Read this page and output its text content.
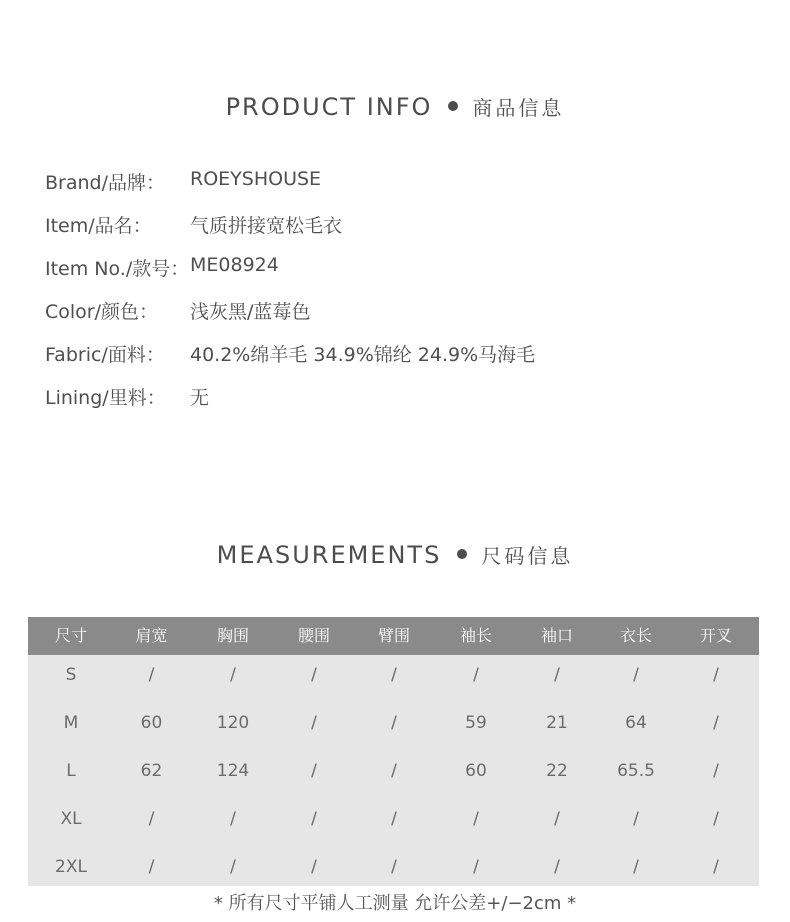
PRODUCT INFO 商品信息
Brand/品牌： ROEYSHOUSE
Item/品名： 气质拼接宽松毛衣
Item No./款号： ME08924
Color/颜色： 浅灰黑/蓝莓色
Fabric/面料： 40.2%绵羊毛 34.9%锦纶 24.9%马海毛
Lining/里料： 无
MEASUREMENTS 尺码信息
尺寸	肩宽	胸围	腰围	臂围	袖长	袖口	衣长	开叉
S	/	/	/	/	/	/	/	/
M	60	120	/	/	59	21	64	/
L	62	124	/	/	60	22	65.5	/
XL	/	/	/	/	/	/	/	/
2XL	/	/	/	/	/	/	/	/
* 所有尺寸平铺人工测量 允许公差+/−2cm *
